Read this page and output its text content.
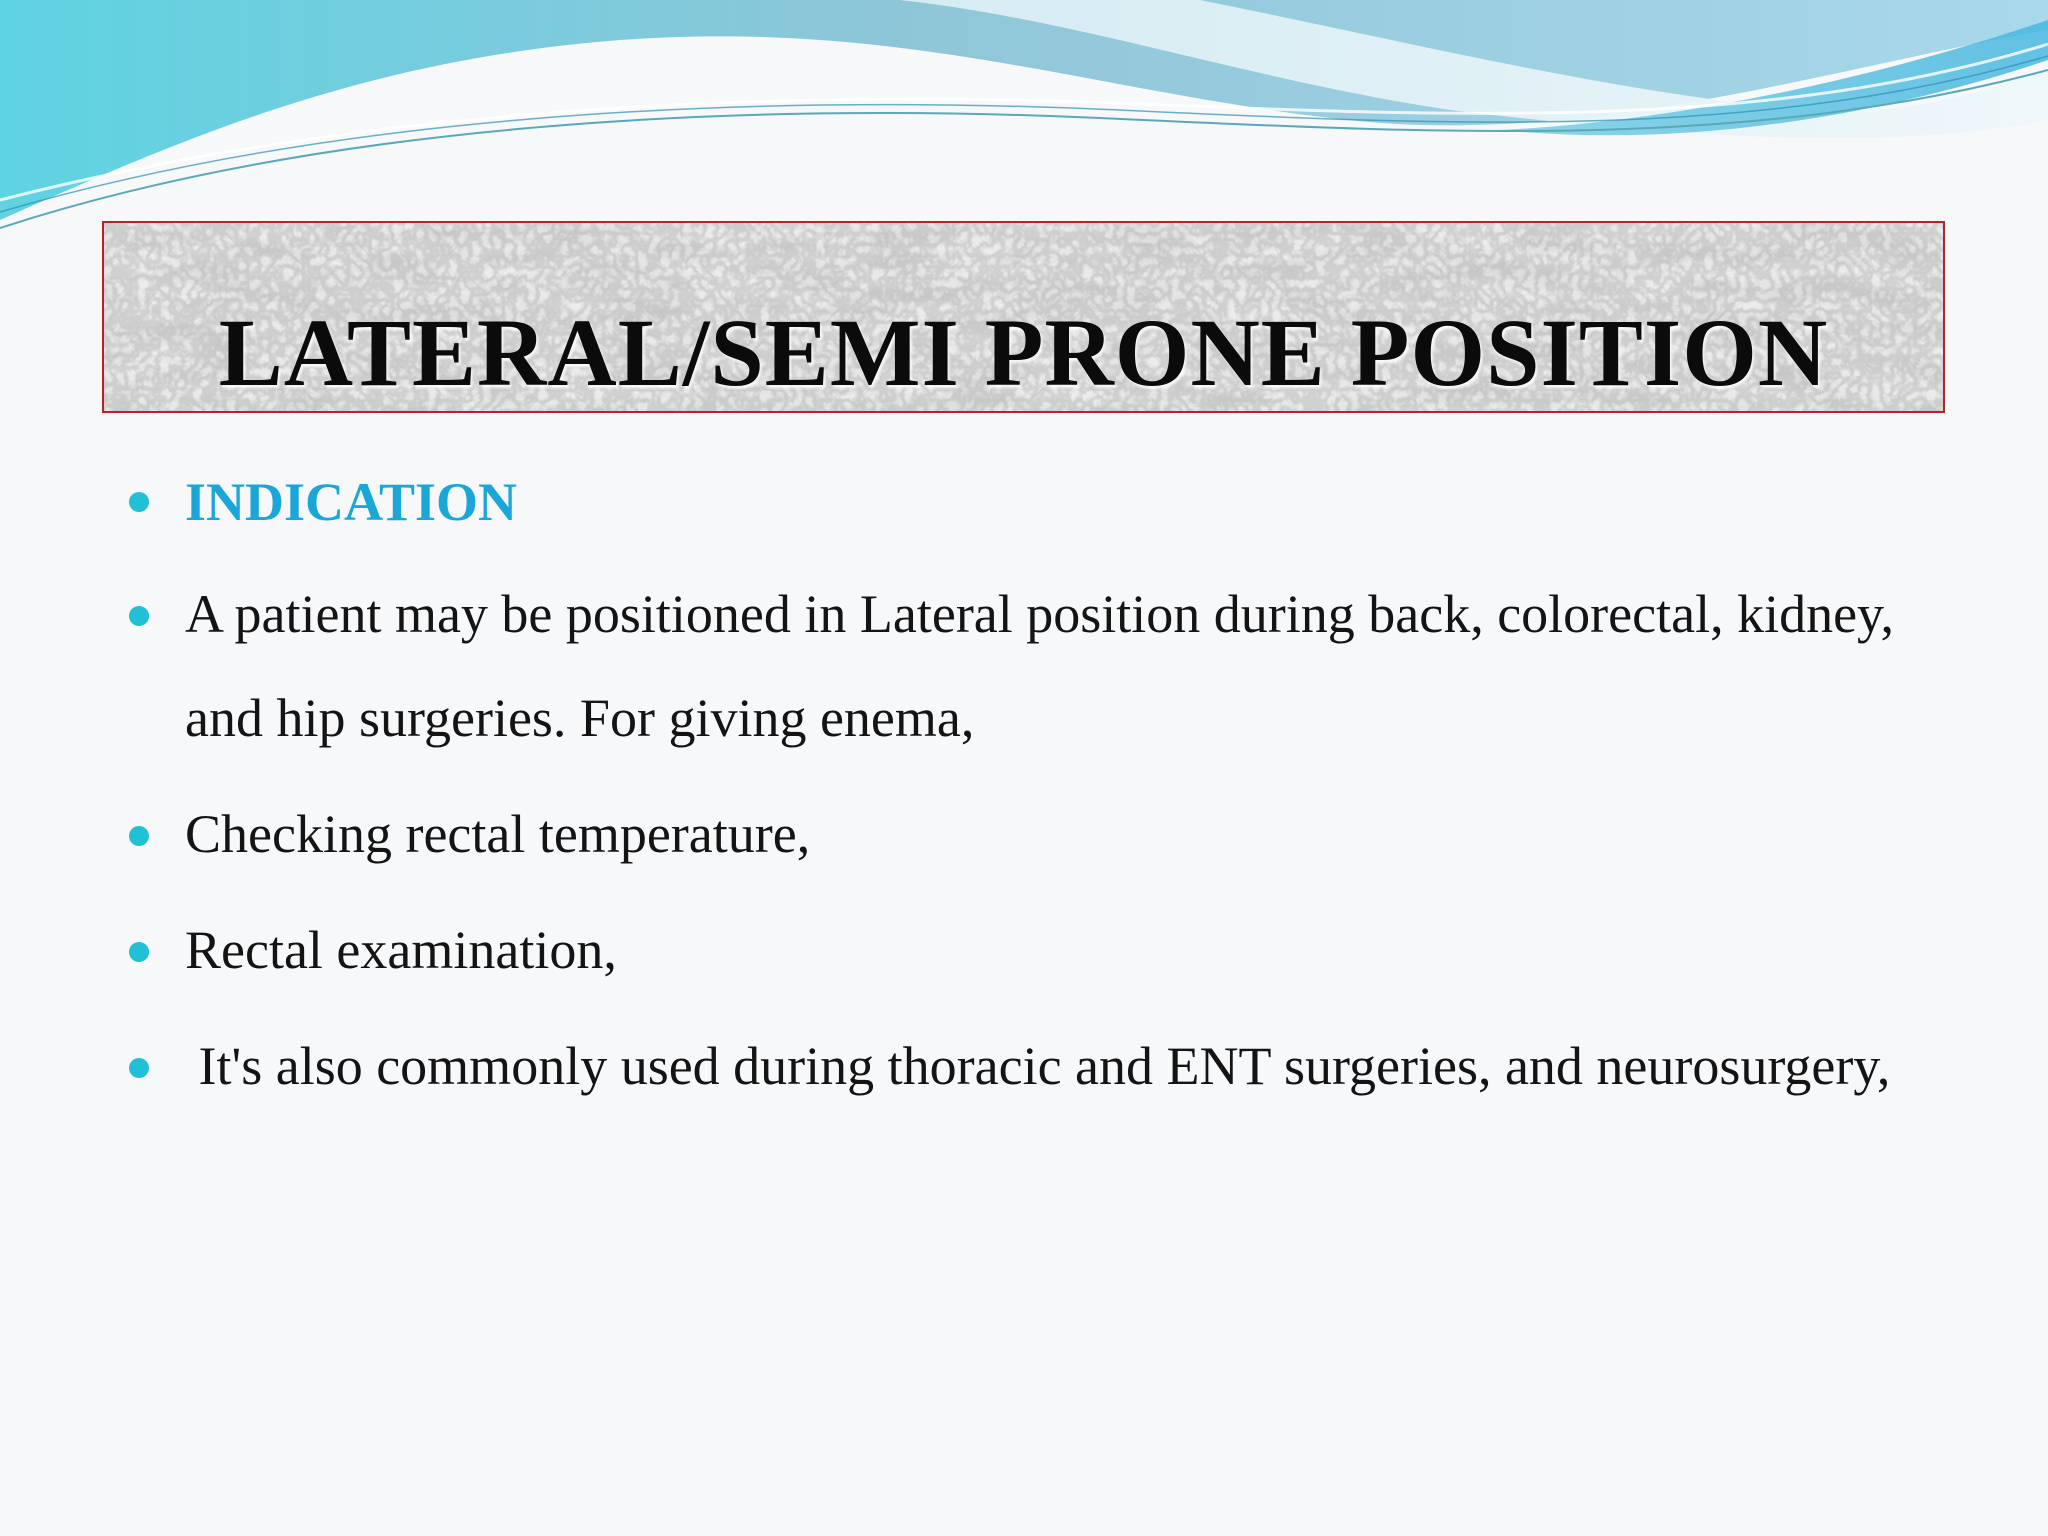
LATERAL/SEMI PRONE POSITION
INDICATION
A patient may be positioned in Lateral position during back, colorectal, kidney, and hip surgeries. For giving enema,
Checking rectal temperature,
Rectal examination,
It's also commonly used during thoracic and ENT surgeries, and neurosurgery,
